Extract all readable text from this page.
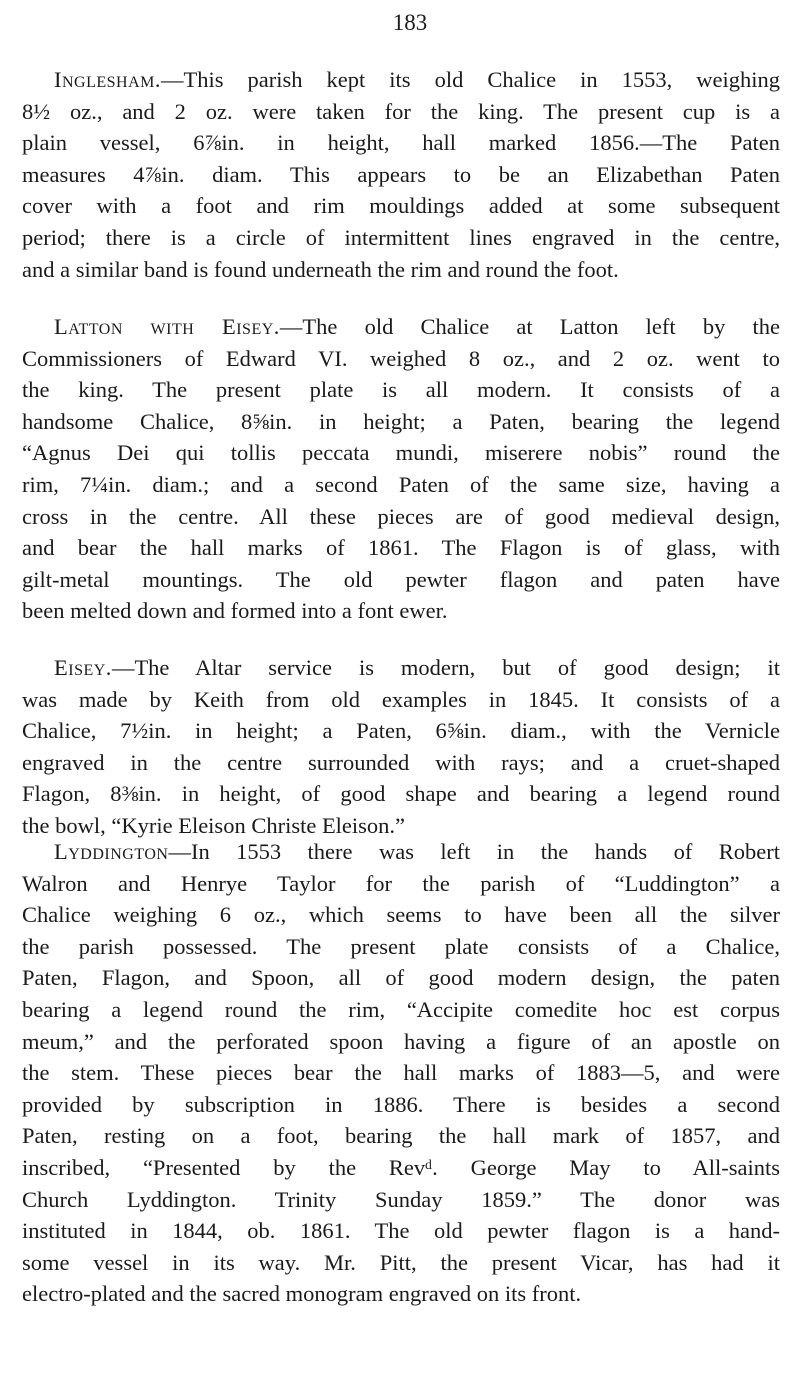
183
Inglesham.—This parish kept its old Chalice in 1553, weighing
8½ oz., and 2 oz. were taken for the king. The present cup is a
plain vessel, 6⅞in. in height, hall marked 1856.—The Paten
measures 4⅞in. diam. This appears to be an Elizabethan Paten
cover with a foot and rim mouldings added at some subsequent
period; there is a circle of intermittent lines engraved in the centre,
and a similar band is found underneath the rim and round the foot.
Latton with Eisey.—The old Chalice at Latton left by the
Commissioners of Edward VI. weighed 8 oz., and 2 oz. went to
the king. The present plate is all modern. It consists of a
handsome Chalice, 8⅝in. in height; a Paten, bearing the legend
“Agnus Dei qui tollis peccata mundi, miserere nobis” round the
rim, 7¼in. diam.; and a second Paten of the same size, having a
cross in the centre. All these pieces are of good medieval design,
and bear the hall marks of 1861. The Flagon is of glass, with
gilt-metal mountings. The old pewter flagon and paten have
been melted down and formed into a font ewer.
Eisey.—The Altar service is modern, but of good design; it
was made by Keith from old examples in 1845. It consists of a
Chalice, 7½in. in height; a Paten, 6⅝in. diam., with the Vernicle
engraved in the centre surrounded with rays; and a cruet-shaped
Flagon, 8⅜in. in height, of good shape and bearing a legend round
the bowl, “Kyrie Eleison Christe Eleison.”
Lyddington—In 1553 there was left in the hands of Robert
Walron and Henrye Taylor for the parish of “Luddington” a
Chalice weighing 6 oz., which seems to have been all the silver
the parish possessed. The present plate consists of a Chalice,
Paten, Flagon, and Spoon, all of good modern design, the paten
bearing a legend round the rim, “Accipite comedite hoc est corpus
meum,” and the perforated spoon having a figure of an apostle on
the stem. These pieces bear the hall marks of 1883—5, and were
provided by subscription in 1886. There is besides a second
Paten, resting on a foot, bearing the hall mark of 1857, and
inscribed, “Presented by the Revᵈ. George May to All-saints
Church Lyddington. Trinity Sunday 1859.” The donor was
instituted in 1844, ob. 1861. The old pewter flagon is a hand-
some vessel in its way. Mr. Pitt, the present Vicar, has had it
electro-plated and the sacred monogram engraved on its front.
